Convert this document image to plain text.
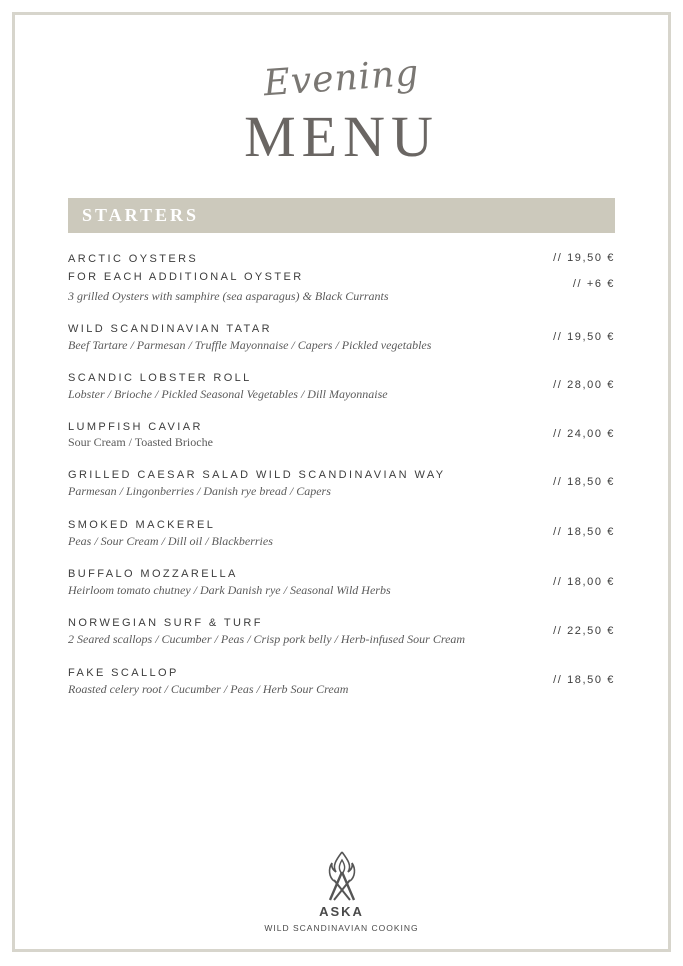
Evening
MENU
STARTERS
ARCTIC OYSTERS	// 19,50 €
FOR EACH ADDITIONAL OYSTER
3 grilled Oysters with samphire (sea asparagus) & Black Currants
// +6 €
WILD SCANDINAVIAN TATAR
Beef Tartare / Parmesan / Truffle Mayonnaise / Capers / Pickled vegetables
// 19,50 €
SCANDIC LOBSTER ROLL
Lobster / Brioche / Pickled Seasonal Vegetables / Dill Mayonnaise
// 28,00 €
LUMPFISH CAVIAR
Sour Cream / Toasted Brioche
// 24,00 €
GRILLED CAESAR SALAD WILD SCANDINAVIAN WAY
Parmesan / Lingonberries / Danish rye bread / Capers
// 18,50 €
SMOKED MACKEREL
Peas / Sour Cream / Dill oil / Blackberries
// 18,50 €
BUFFALO MOZZARELLA
Heirloom tomato chutney / Dark Danish rye / Seasonal Wild Herbs
// 18,00 €
NORWEGIAN SURF & TURF
2 Seared scallops / Cucumber / Peas / Crisp pork belly / Herb-infused Sour Cream
// 22,50 €
FAKE SCALLOP
Roasted celery root / Cucumber / Peas / Herb Sour Cream
// 18,50 €
ASKA
WILD SCANDINAVIAN COOKING
